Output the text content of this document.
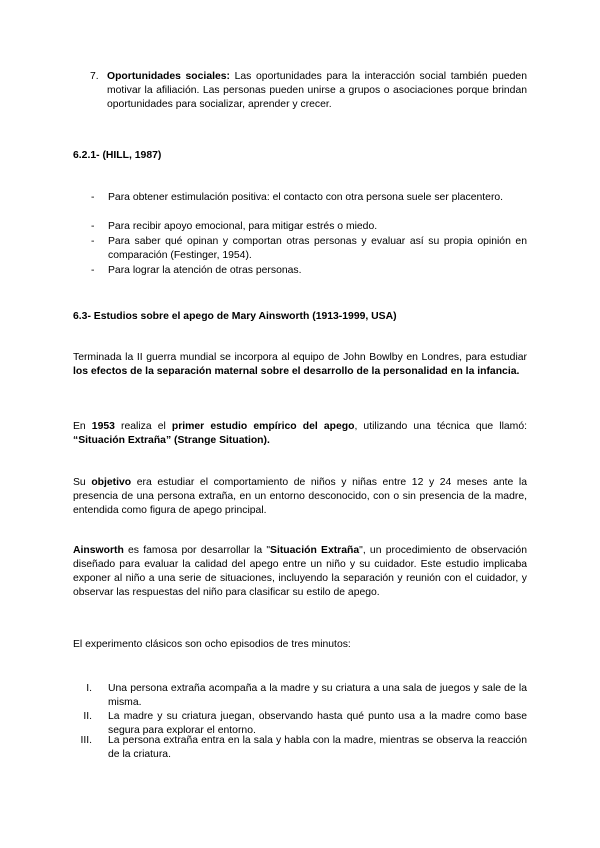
7. Oportunidades sociales: Las oportunidades para la interacción social también pueden motivar la afiliación. Las personas pueden unirse a grupos o asociaciones porque brindan oportunidades para socializar, aprender y crecer.

6.2.1- (HILL, 1987)

- Para obtener estimulación positiva: el contacto con otra persona suele ser placentero.
- Para recibir apoyo emocional, para mitigar estrés o miedo.
- Para saber qué opinan y comportan otras personas y evaluar así su propia opinión en comparación (Festinger, 1954).
- Para lograr la atención de otras personas.

6.3- Estudios sobre el apego de Mary Ainsworth (1913-1999, USA)

Terminada la II guerra mundial se incorpora al equipo de John Bowlby en Londres, para estudiar los efectos de la separación maternal sobre el desarrollo de la personalidad en la infancia.

En 1953 realiza el primer estudio empírico del apego, utilizando una técnica que llamó: “Situación Extraña” (Strange Situation).

Su objetivo era estudiar el comportamiento de niños y niñas entre 12 y 24 meses ante la presencia de una persona extraña, en un entorno desconocido, con o sin presencia de la madre, entendida como figura de apego principal.

Ainsworth es famosa por desarrollar la "Situación Extraña", un procedimiento de observación diseñado para evaluar la calidad del apego entre un niño y su cuidador. Este estudio implicaba exponer al niño a una serie de situaciones, incluyendo la separación y reunión con el cuidador, y observar las respuestas del niño para clasificar su estilo de apego.

El experimento clásicos son ocho episodios de tres minutos:

I. Una persona extraña acompaña a la madre y su criatura a una sala de juegos y sale de la misma.
II. La madre y su criatura juegan, observando hasta qué punto usa a la madre como base segura para explorar el entorno.
III. La persona extraña entra en la sala y habla con la madre, mientras se observa la reacción de la criatura.
